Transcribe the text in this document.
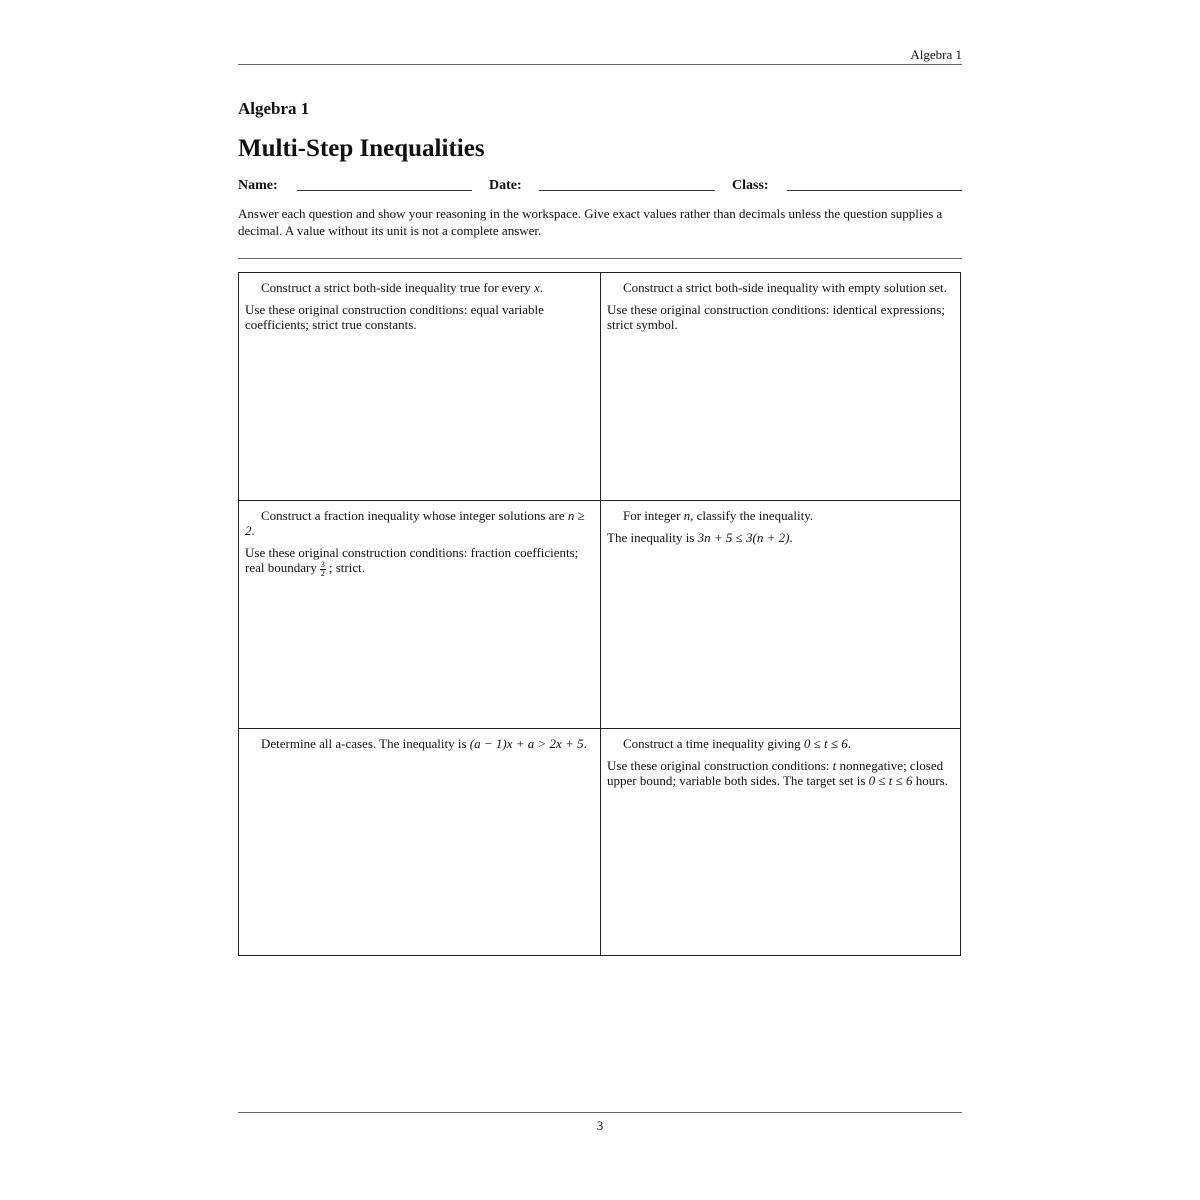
Algebra 1
Algebra 1
Multi-Step Inequalities
Name:	Date:	Class:
Answer each question and show your reasoning in the workspace. Give exact values rather than decimals unless the question supplies a decimal. A value without its unit is not a complete answer.

Construct a strict both-side inequality true for every x.

Use these original construction conditions: equal variable coefficients; strict true constants.

Construct a strict both-side inequality with empty solution set.

Use these original construction conditions: identical expressions; strict symbol.

Construct a fraction inequality whose integer solutions are n ≥ 2.

Use these original construction conditions: fraction coefficients; real boundary $\frac{3}{2}$ ; strict.

For integer n, classify the inequality.

The inequality is 3n + 5 ≤ 3(n + 2).

Determine all a-cases. The inequality is (a − 1)x + a > 2x + 5.	Construct a time inequality giving 0 ≤ t ≤ 6.

Use these original construction conditions: t nonnegative; closed upper bound; variable both sides. The target set is 0 ≤ t ≤ 6 hours.

3
